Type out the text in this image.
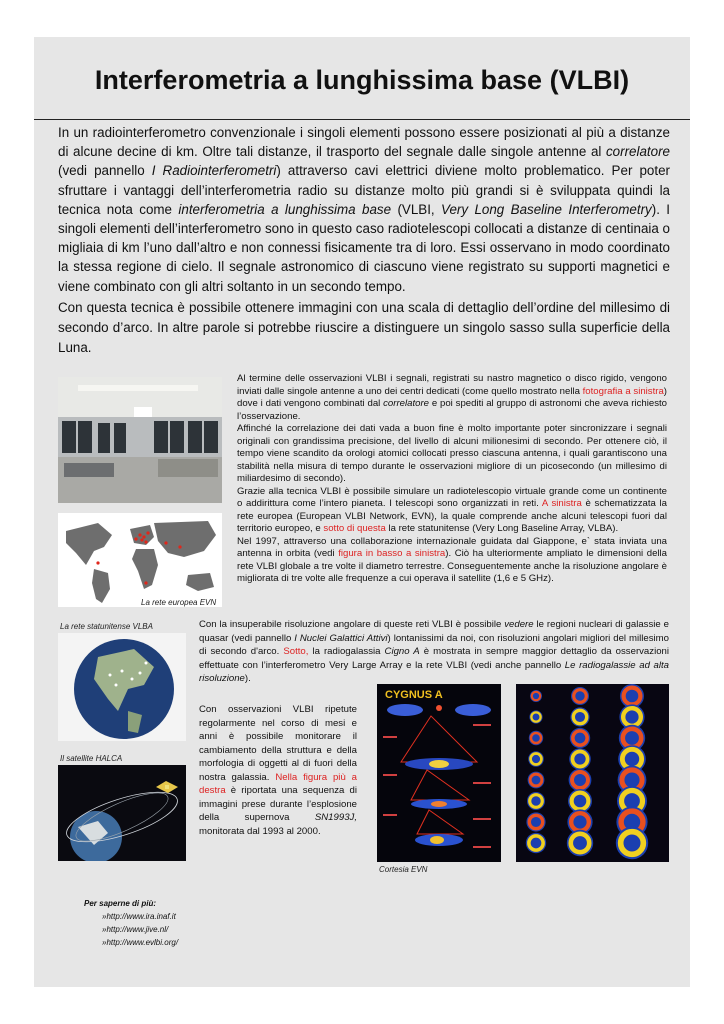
Interferometria a lunghissima base (VLBI)

In un radiointerferometro convenzionale i singoli elementi possono essere posizionati al più a distanze di alcune decine di km. Oltre tali distanze, il trasporto del segnale dalle singole antenne al correlatore (vedi pannello I Radiointerferometri) attraverso cavi elettrici diviene molto problematico. Per poter sfruttare i vantaggi dell’interferometria radio su distanze molto più grandi si è sviluppata quindi la tecnica nota come interferometria a lunghissima base (VLBI, Very Long Baseline Interferometry). I singoli elementi dell’interferometro sono in questo caso radiotelescopi collocati a distanze di centinaia o migliaia di km l’uno dall’altro e non connessi fisicamente tra di loro. Essi osservano in modo coordinato la stessa regione di cielo. Il segnale astronomico di ciascuno viene registrato su supporti magnetici e viene combinato con gli altri soltanto in un secondo tempo.

Con questa tecnica è possibile ottenere immagini con una scala di dettaglio dell’ordine del millesimo di secondo d’arco. In altre parole si potrebbe riuscire a distinguere un singolo sasso sulla superficie della Luna.

La rete europea EVN

Al termine delle osservazioni VLBI i segnali, registrati su nastro magnetico o disco rigido, vengono inviati dalle singole antenne a uno dei centri dedicati (come quello mostrato nella fotografia a sinistra) dove i dati vengono combinati dal correlatore e poi spediti al gruppo di astronomi che aveva richiesto l’osservazione.

Affinché la correlazione dei dati vada a buon fine è molto importante poter sincronizzare i segnali originali con grandissima precisione, del livello di alcuni milionesimi di secondo. Per ottenere ciò, il tempo viene scandito da orologi atomici collocati presso ciascuna antenna, i quali garantiscono una stabilità nella misura di tempo durante le osservazioni migliore di un picosecondo (un millesimo di miliardesimo di secondo).

Grazie alla tecnica VLBI è possibile simulare un radiotelescopio virtuale grande come un continente o addirittura come l’intero pianeta. I telescopi sono organizzati in reti. A sinistra è schematizzata la rete europea (European VLBI Network, EVN), la quale comprende anche alcuni telescopi fuori dal territorio europeo, e sotto di questa la rete statunitense (Very Long Baseline Array, VLBA).

Nel 1997, attraverso una collaborazione internazionale guidata dal Giappone, e` stata inviata una antenna in orbita (vedi figura in basso a sinistra). Ciò ha ulteriormente ampliato le dimensioni della rete VLBI globale a tre volte il diametro terrestre. Conseguentemente anche la risoluzione angolare è migliorata di tre volte alle frequenze a cui operava il satellite (1,6 e 5 GHz).

La rete statunitense VLBA
Il satellite HALCA

Con la insuperabile risoluzione angolare di queste reti VLBI è possibile vedere le regioni nucleari di galassie e quasar (vedi pannello I Nuclei Galattici Attivi) lontanissimi da noi, con risoluzioni angolari migliori del millesimo di secondo d'arco. Sotto, la radiogalassia Cigno A è mostrata in sempre maggior dettaglio da osservazioni effettuate con l’interferometro Very Large Array e la rete VLBI (vedi anche pannello Le radiogalassie ad alta risoluzione).

Con osservazioni VLBI ripetute regolarmente nel corso di mesi e anni è possibile monitorare il cambiamento della struttura e della morfologia di oggetti al di fuori della nostra galassia. Nella figura più a destra è riportata una sequenza di immagini prese durante l’esplosione della supernova SN1993J, monitorata dal 1993 al 2000.

CYGNUS A
Cortesia EVN
Per saperne di più:
»http://www.ira.inaf.it
»http://www.jive.nl/
»http://www.evlbi.org/
